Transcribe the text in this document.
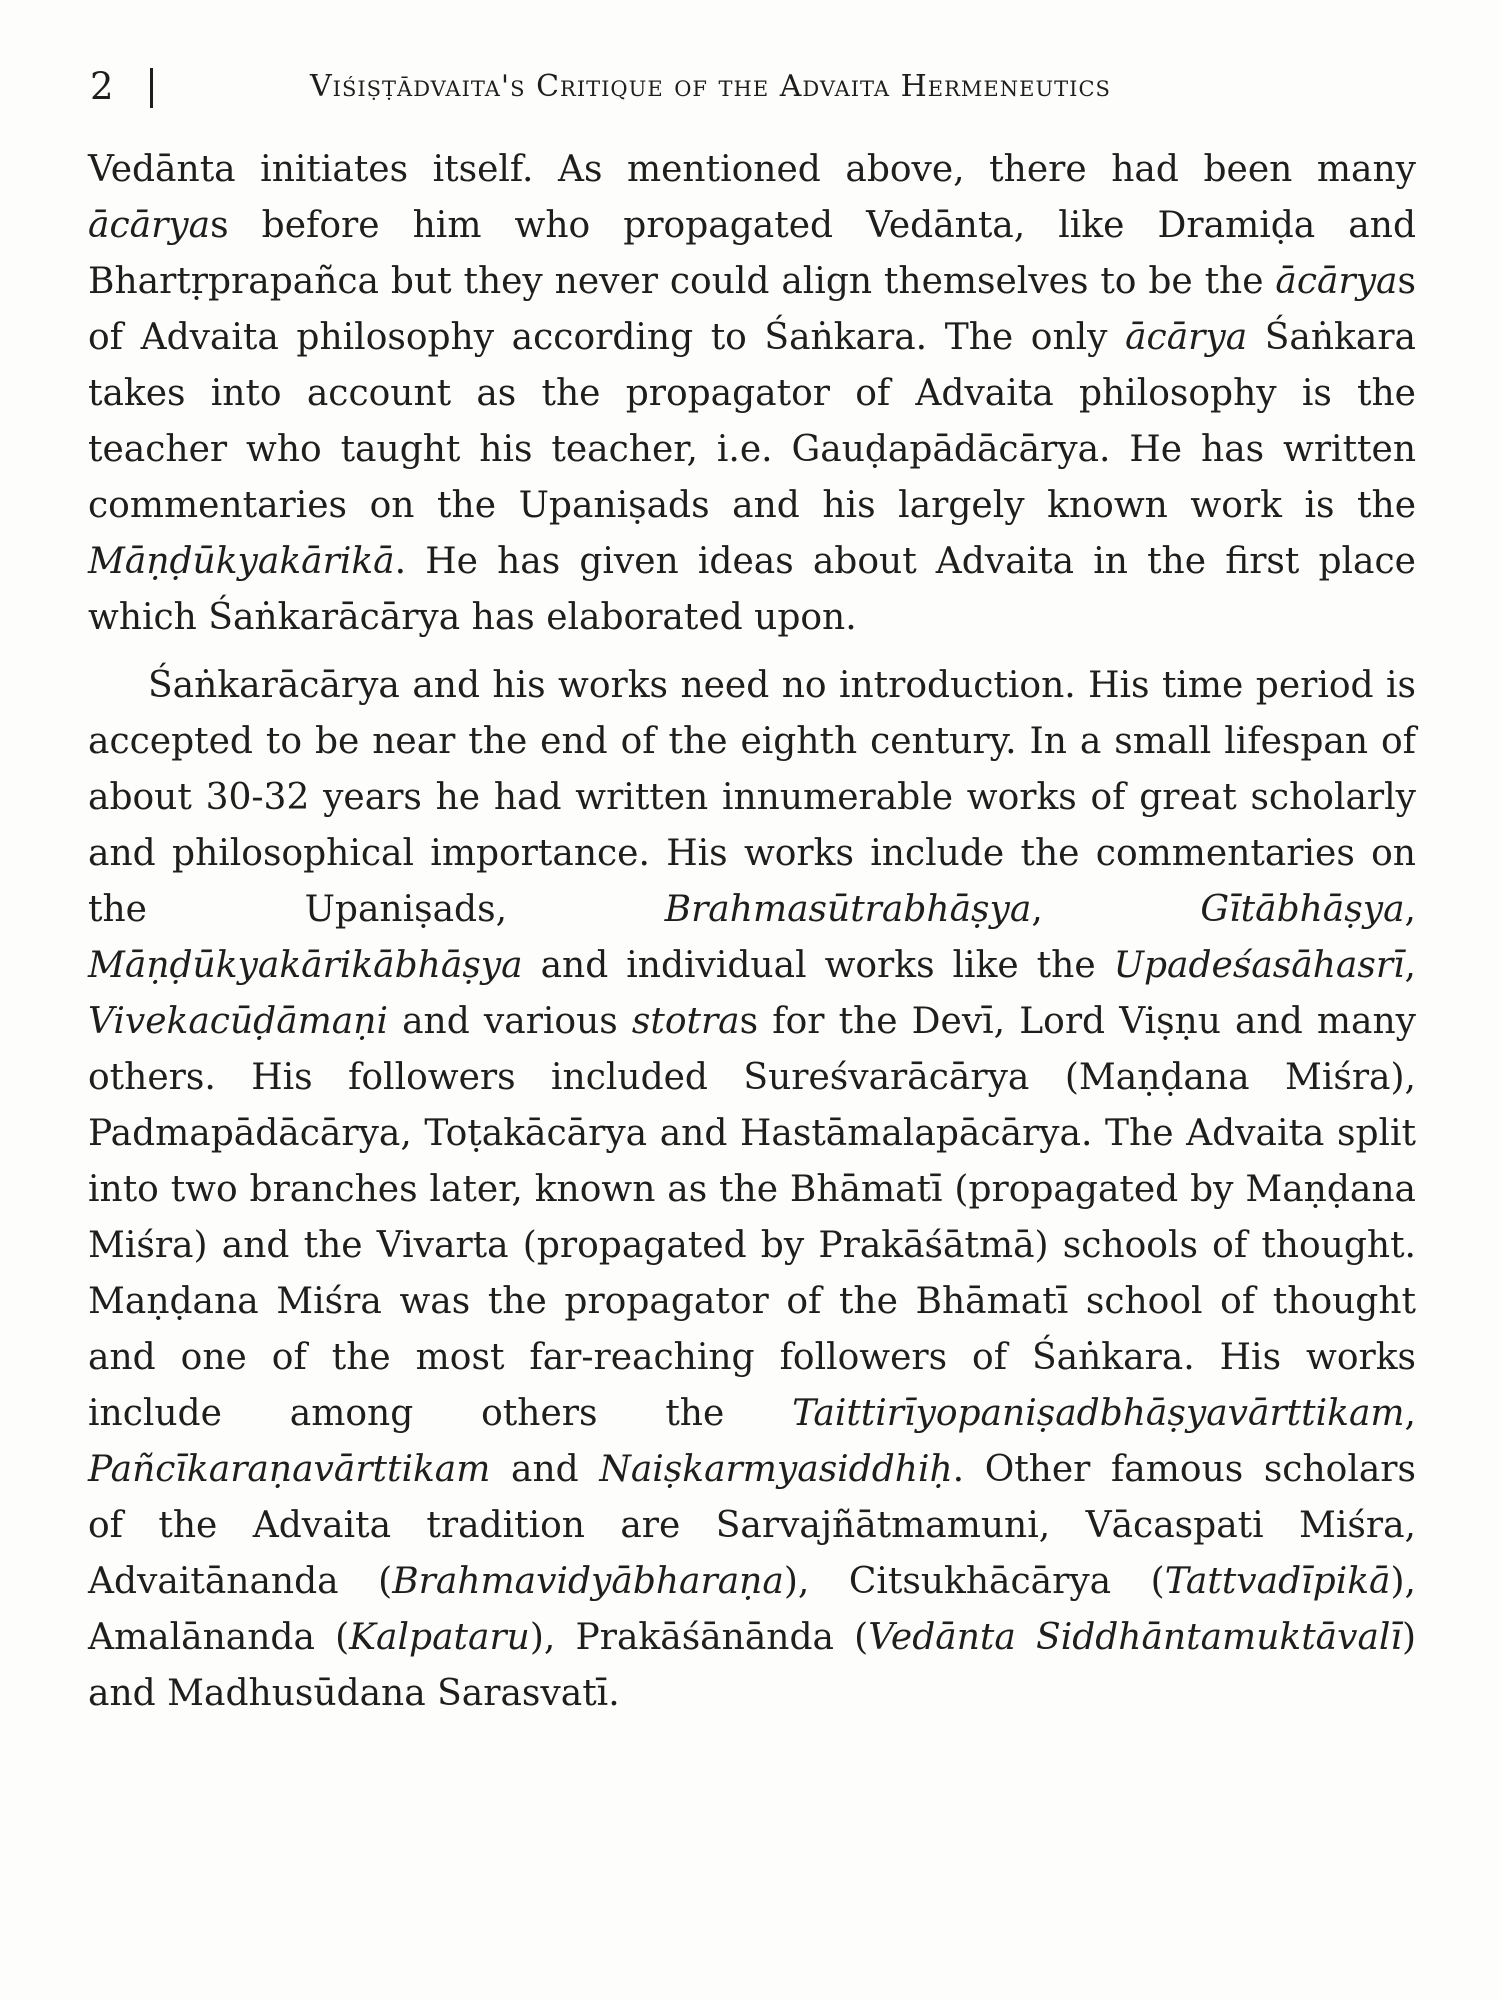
2	Viśiṣṭādvaita's Critique of the Advaita Hermeneutics

Vedānta initiates itself. As mentioned above, there had been many ācāryas before him who propagated Vedānta, like Dramiḍa and Bhartṛprapañca but they never could align themselves to be the ācāryas of Advaita philosophy according to Śaṅkara. The only ācārya Śaṅkara takes into account as the propagator of Advaita philosophy is the teacher who taught his teacher, i.e. Gauḍapādācārya. He has written commentaries on the Upaniṣads and his largely known work is the Māṇḍūkyakārikā. He has given ideas about Advaita in the first place which Śaṅkarācārya has elaborated upon.

Śaṅkarācārya and his works need no introduction. His time period is accepted to be near the end of the eighth century. In a small lifespan of about 30-32 years he had written innumerable works of great scholarly and philosophical importance. His works include the commentaries on the Upaniṣads, Brahmasūtrabhāṣya, Gītābhāṣya, Māṇḍūkyakārikābhāṣya and individual works like the Upadeśasāhasrī, Vivekacūḍāmaṇi and various stotras for the Devī, Lord Viṣṇu and many others. His followers included Sureśvarācārya (Maṇḍana Miśra), Padmapādācārya, Toṭakācārya and Hastāmalapācārya. The Advaita split into two branches later, known as the Bhāmatī (propagated by Maṇḍana Miśra) and the Vivarta (propagated by Prakāśātmā) schools of thought. Maṇḍana Miśra was the propagator of the Bhāmatī school of thought and one of the most far-reaching followers of Śaṅkara. His works include among others the Taittirīyopaniṣadbhāṣyavārttikam, Pañcīkaraṇavārttikam and Naiṣkarmyasiddhiḥ. Other famous scholars of the Advaita tradition are Sarvajñātmamuni, Vācaspati Miśra, Advaitānanda (Brahmavidyābharaṇa), Citsukhācārya (Tattvadīpikā), Amalānanda (Kalpataru), Prakāśānānda (Vedānta Siddhāntamuktāvalī) and Madhusūdana Sarasvatī.
